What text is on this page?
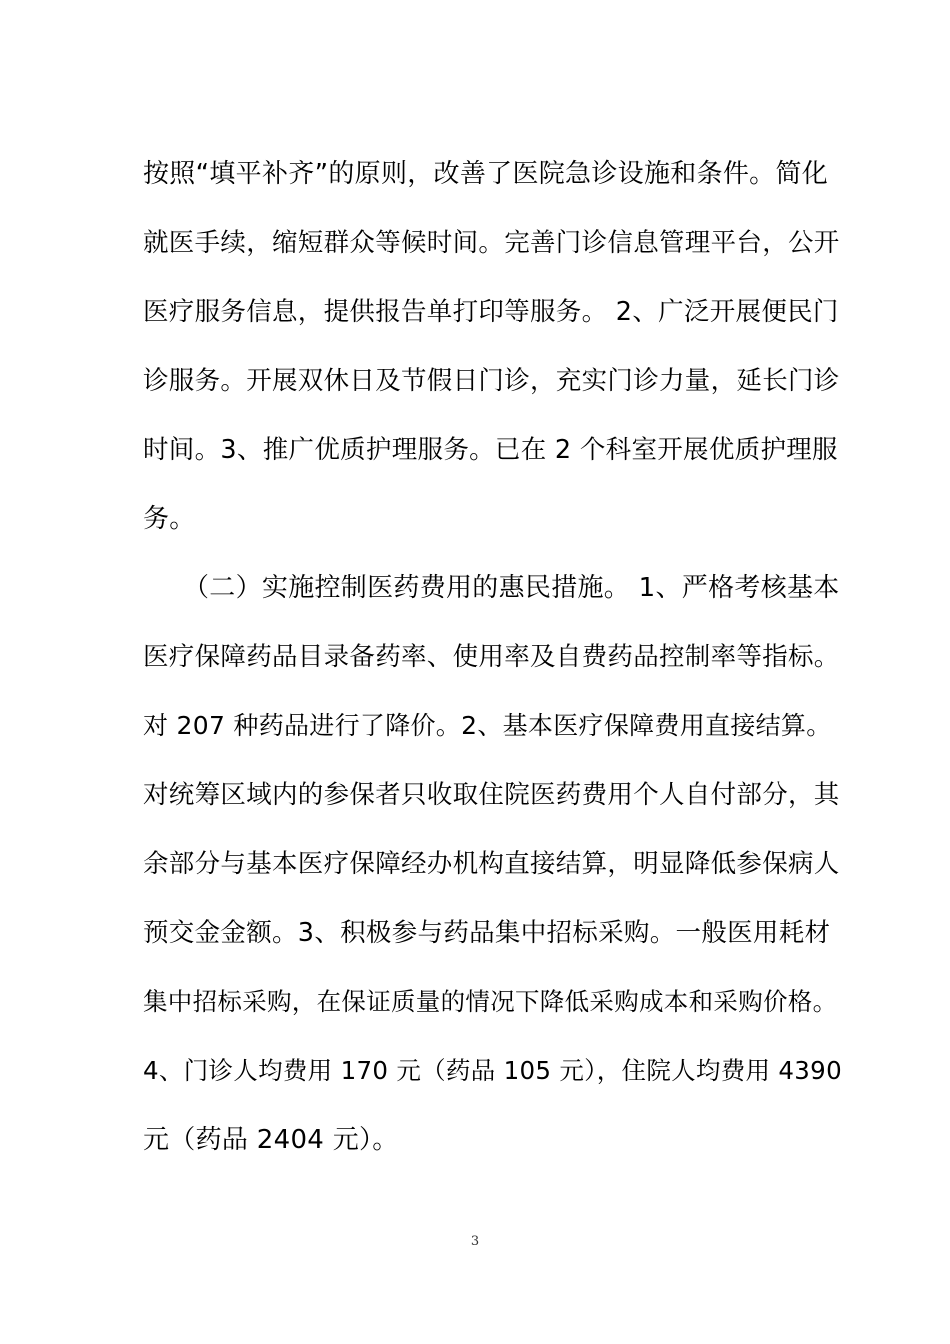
按照“填平补齐”的原则，改善了医院急诊设施和条件。简化
就医手续，缩短群众等候时间。完善门诊信息管理平台，公开
医疗服务信息，提供报告单打印等服务。 2、广泛开展便民门
诊服务。开展双休日及节假日门诊，充实门诊力量，延长门诊
时间。3、推广优质护理服务。已在 2 个科室开展优质护理服
务。
（二）实施控制医药费用的惠民措施。 1、严格考核基本
医疗保障药品目录备药率、使用率及自费药品控制率等指标。
对 207 种药品进行了降价。2、基本医疗保障费用直接结算。
对统筹区域内的参保者只收取住院医药费用个人自付部分，其
余部分与基本医疗保障经办机构直接结算，明显降低参保病人
预交金金额。3、积极参与药品集中招标采购。一般医用耗材
集中招标采购，在保证质量的情况下降低采购成本和采购价格。
4、门诊人均费用 170 元（药品 105 元），住院人均费用 4390
元（药品 2404 元）。
3
